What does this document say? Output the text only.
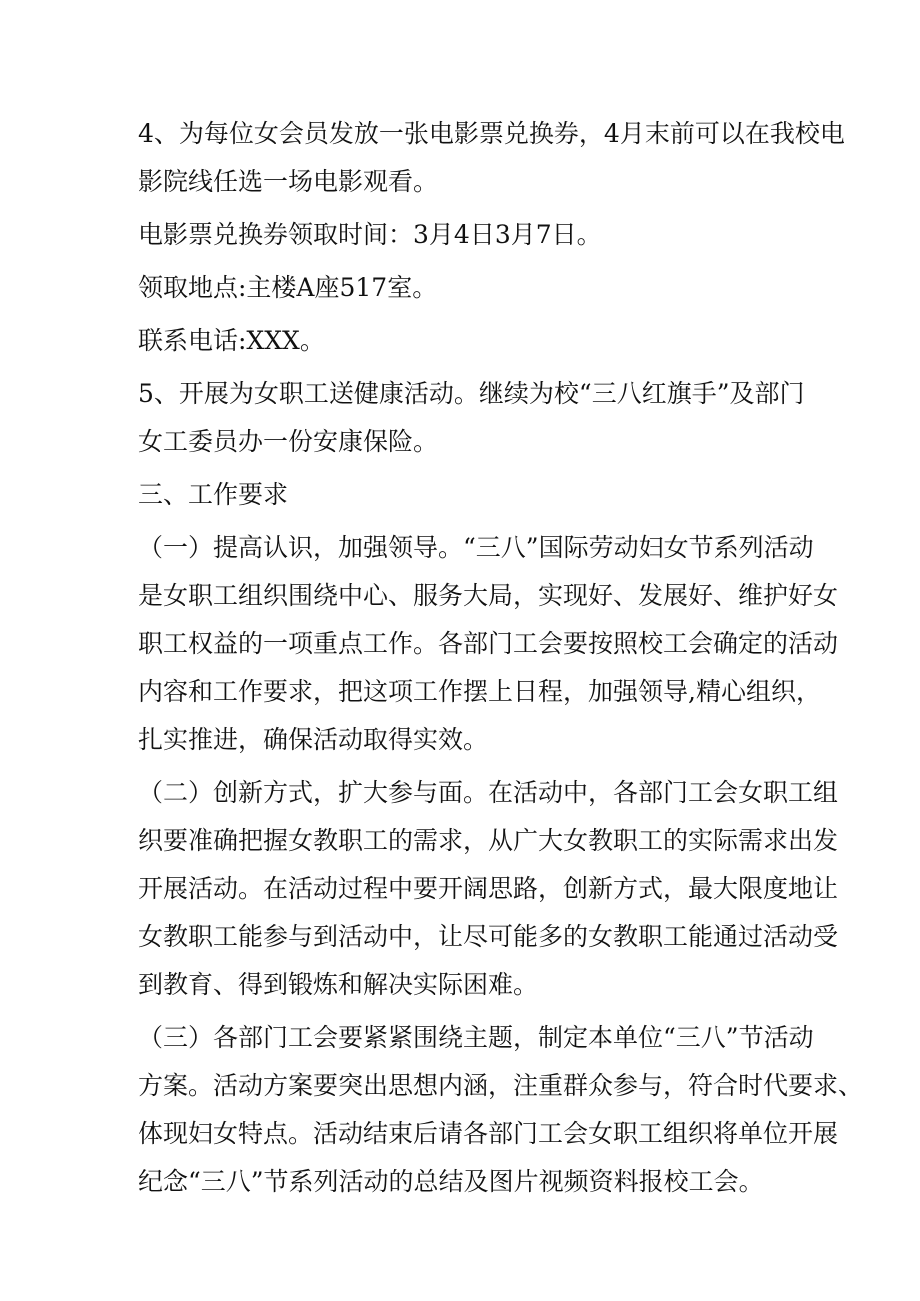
4、为每位女会员发放一张电影票兑换券，4月末前可以在我校电

影院线任选一场电影观看。

电影票兑换券领取时间：3月4日3月7日。

领取地点:主楼A座517室。

联系电话:XXX。

5、开展为女职工送健康活动。继续为校“三八红旗手”及部门

女工委员办一份安康保险。

三、工作要求

（一）提高认识，加强领导。“三八”国际劳动妇女节系列活动

是女职工组织围绕中心、服务大局，实现好、发展好、维护好女

职工权益的一项重点工作。各部门工会要按照校工会确定的活动

内容和工作要求，把这项工作摆上日程，加强领导,精心组织，

扎实推进，确保活动取得实效。

（二）创新方式，扩大参与面。在活动中，各部门工会女职工组

织要准确把握女教职工的需求，从广大女教职工的实际需求出发

开展活动。在活动过程中要开阔思路，创新方式，最大限度地让

女教职工能参与到活动中，让尽可能多的女教职工能通过活动受

到教育、得到锻炼和解决实际困难。

（三）各部门工会要紧紧围绕主题，制定本单位“三八”节活动

方案。活动方案要突出思想内涵，注重群众参与，符合时代要求、

体现妇女特点。活动结束后请各部门工会女职工组织将单位开展

纪念“三八”节系列活动的总结及图片视频资料报校工会。
